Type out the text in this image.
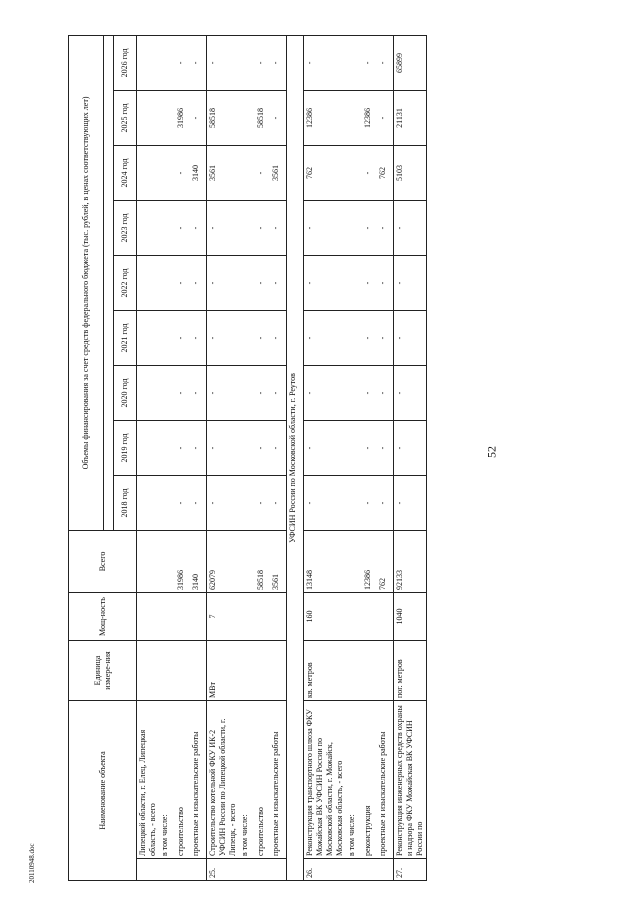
52
20110948.doc
Наименование объекта		Единица измере-ния	Мощ-ность	Всего	Объемы финансирования за счет средств федерального бюджета (тыс. рублей, в ценах соответствующих лет)								

					2018 год	2019 год	2020 год	2021 год	2022 год	2023 год	2024 год	2025 год	2026 год
	Липецкой области, г. Елец, Липецкая область, - всего												
	в том числе:												
	строительство			31986	-	-	-	-	-	-	-	31986	-
	проектные и изыскательские работы			3140	-	-	-	-	-	-	3140	-	-
25.	Строительство котельной ФКУ ИК-2 УФСИН России по Липецкой области, г. Липецк, - всего	МВт	7	62079	-	-	-	-	-	-	3561	58518	-
	в том числе:												
	строительство			58518	-	-	-	-	-	-	-	58518	-
	проектные и изыскательские работы			3561	-	-	-	-	-	-	3561	-	-
УФСИН России по Московской области, г. Реутов													
26.	Реконструкция транспортного шлюза ФКУ Можайская ВК УФСИН России по Московской области, г. Можайск, Московская область, - всего	кв. метров	160	13148	-	-	-	-	-	-	762	12386	-
	в том числе:												
	реконструкция			12386	-	-	-	-	-	-	-	12386	-
	проектные и изыскательские работы			762	-	-	-	-	-	-	762	-	-
27.	Реконструкция инженерных средств охраны и надзора ФКУ Можайская ВК УФСИН России по	пог. метров	1040	92133	-	-	-	-	-	-	5103	21131	65899
